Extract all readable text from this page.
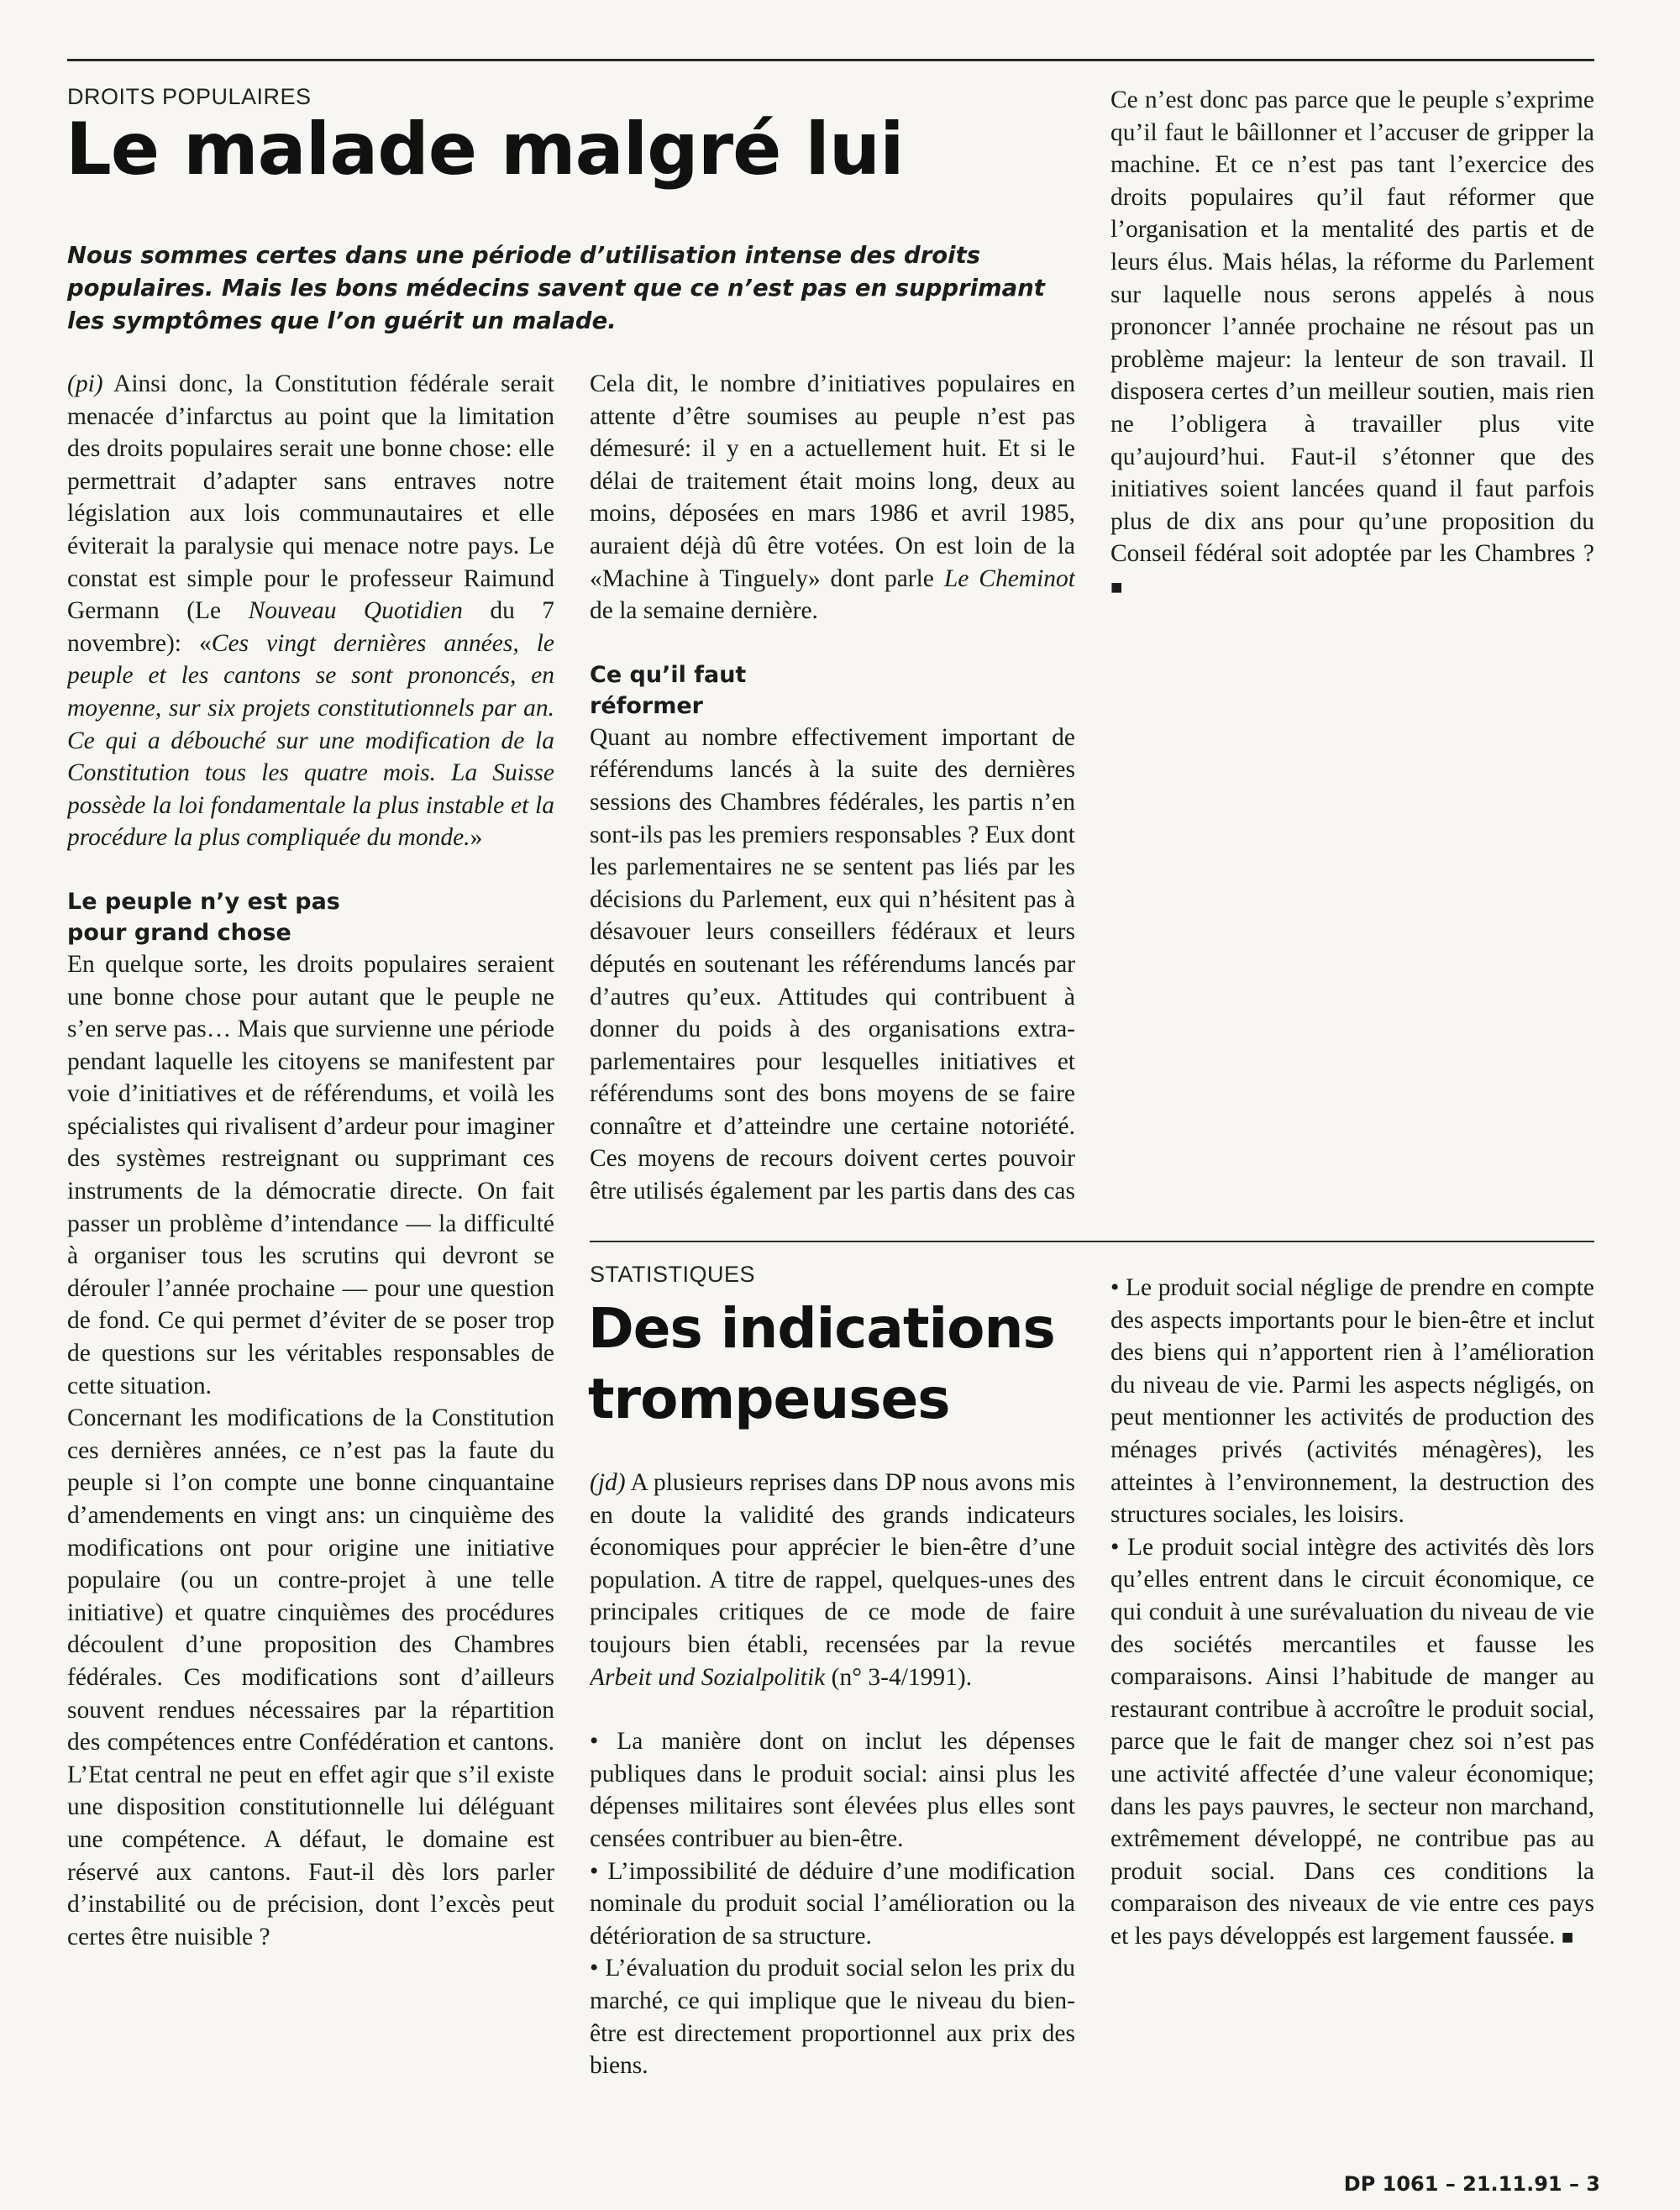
DROITS POPULAIRES
Le malade malgré lui

Nous sommes certes dans une période d’utilisation intense des droits populaires. Mais les bons médecins savent que ce n’est pas en supprimant les symptômes que l’on guérit un malade.

(pi) Ainsi donc, la Constitution fédérale serait menacée d’infarctus au point que la limitation des droits populaires serait une bonne chose: elle permettrait d’adapter sans entraves notre législation aux lois communautaires et elle éviterait la paralysie qui menace notre pays. Le constat est simple pour le professeur Raimund Germann (Le Nouveau Quotidien du 7 novembre): «Ces vingt dernières années, le peuple et les cantons se sont prononcés, en moyenne, sur six projets constitutionnels par an. Ce qui a débouché sur une modification de la Constitution tous les quatre mois. La Suisse possède la loi fondamentale la plus instable et la procédure la plus compliquée du monde.»

Le peuple n’y est pas
pour grand chose

En quelque sorte, les droits populaires seraient une bonne chose pour autant que le peuple ne s’en serve pas… Mais que survienne une période pendant laquelle les citoyens se manifestent par voie d’initiatives et de référendums, et voilà les spécialistes qui rivalisent d’ardeur pour imaginer des systèmes restreignant ou supprimant ces instruments de la démocratie directe. On fait passer un problème d’intendance — la difficulté à organiser tous les scrutins qui devront se dérouler l’année prochaine — pour une question de fond. Ce qui permet d’éviter de se poser trop de questions sur les véritables responsables de cette situation.

Concernant les modifications de la Constitution ces dernières années, ce n’est pas la faute du peuple si l’on compte une bonne cinquantaine d’amendements en vingt ans: un cinquième des modifications ont pour origine une initiative populaire (ou un contre-projet à une telle initiative) et quatre cinquièmes des procédures découlent d’une proposition des Chambres fédérales. Ces modifications sont d’ailleurs souvent rendues nécessaires par la répartition des compétences entre Confédération et cantons. L’Etat central ne peut en effet agir que s’il existe une disposition constitutionnelle lui déléguant une compétence. A défaut, le domaine est réservé aux cantons. Faut-il dès lors parler d’instabilité ou de précision, dont l’excès peut certes être nuisible ?

Cela dit, le nombre d’initiatives populaires en attente d’être soumises au peuple n’est pas démesuré: il y en a actuellement huit. Et si le délai de traitement était moins long, deux au moins, déposées en mars 1986 et avril 1985, auraient déjà dû être votées. On est loin de la «Machine à Tinguely» dont parle Le Cheminot de la semaine dernière.

Ce qu’il faut
réformer

Quant au nombre effectivement important de référendums lancés à la suite des dernières sessions des Chambres fédérales, les partis n’en sont-ils pas les premiers responsables ? Eux dont les parlementaires ne se sentent pas liés par les décisions du Parlement, eux qui n’hésitent pas à désavouer leurs conseillers fédéraux et leurs députés en soutenant les référendums lancés par d’autres qu’eux. Attitudes qui contribuent à donner du poids à des organisations extra-parlementaires pour lesquelles initiatives et référendums sont des bons moyens de se faire connaître et d’atteindre une certaine notoriété. Ces moyens de recours doivent certes pouvoir être utilisés également par les partis dans des cas

Ce n’est donc pas parce que le peuple s’exprime qu’il faut le bâillonner et l’accuser de gripper la machine. Et ce n’est pas tant l’exercice des droits populaires qu’il faut réformer que l’organisation et la mentalité des partis et de leurs élus. Mais hélas, la réforme du Parlement sur laquelle nous serons appelés à nous prononcer l’année prochaine ne résout pas un problème majeur: la lenteur de son travail. Il disposera certes d’un meilleur soutien, mais rien ne l’obligera à travailler plus vite qu’aujourd’hui. Faut-il s’étonner que des initiatives soient lancées quand il faut parfois plus de dix ans pour qu’une proposition du Conseil fédéral soit adoptée par les Chambres ? ■

STATISTIQUES
Des indications
trompeuses

(jd) A plusieurs reprises dans DP nous avons mis en doute la validité des grands indicateurs économiques pour apprécier le bien-être d’une population. A titre de rappel, quelques-unes des principales critiques de ce mode de faire toujours bien établi, recensées par la revue Arbeit und Sozialpolitik (n° 3-4/1991).

• La manière dont on inclut les dépenses publiques dans le produit social: ainsi plus les dépenses militaires sont élevées plus elles sont censées contribuer au bien-être.

• L’impossibilité de déduire d’une modification nominale du produit social l’amélioration ou la détérioration de sa structure.

• L’évaluation du produit social selon les prix du marché, ce qui implique que le niveau du bien-être est directement proportionnel aux prix des biens.

• Le produit social néglige de prendre en compte des aspects importants pour le bien-être et inclut des biens qui n’apportent rien à l’amélioration du niveau de vie. Parmi les aspects négligés, on peut mentionner les activités de production des ménages privés (activités ménagères), les atteintes à l’environnement, la destruction des structures sociales, les loisirs.

• Le produit social intègre des activités dès lors qu’elles entrent dans le circuit économique, ce qui conduit à une surévaluation du niveau de vie des sociétés mercantiles et fausse les comparaisons. Ainsi l’habitude de manger au restaurant contribue à accroître le produit social, parce que le fait de manger chez soi n’est pas une activité affectée d’une valeur économique; dans les pays pauvres, le secteur non marchand, extrêmement développé, ne contribue pas au produit social. Dans ces conditions la comparaison des niveaux de vie entre ces pays et les pays développés est largement faussée. ■

DP 1061 – 21.11.91 – 3
